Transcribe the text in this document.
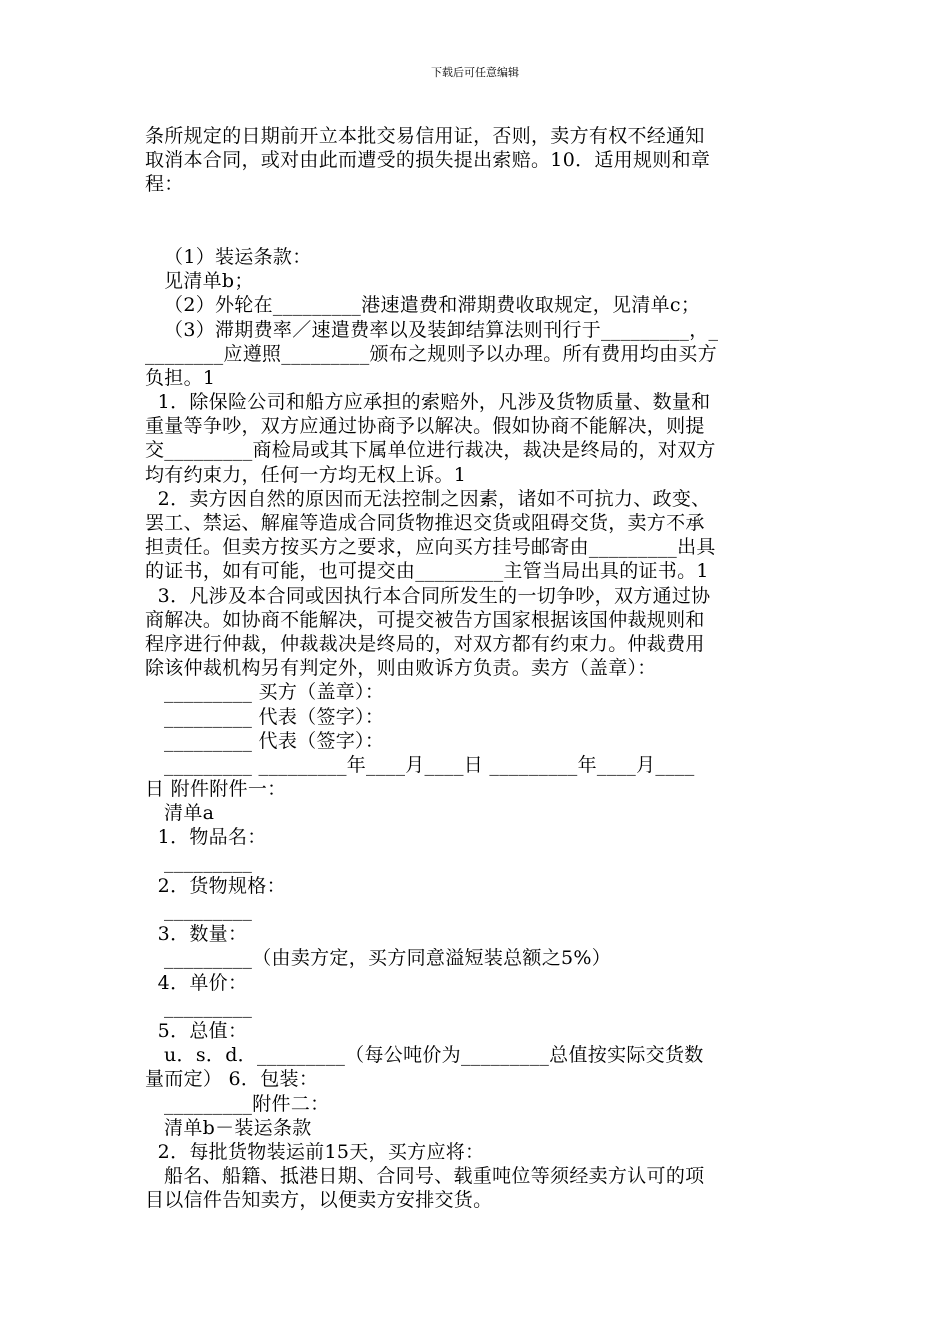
下载后可任意编辑
条所规定的日期前开立本批交易信用证，否则，卖方有权不经通知
取消本合同，或对由此而遭受的损失提出索赔。10．适用规则和章
程：
（1）装运条款：
见清单b；
（2）外轮在_________港速遣费和滞期费收取规定，见清单c；
（3）滞期费率／速遣费率以及装卸结算法则刊行于_________，_
________应遵照_________颁布之规则予以办理。所有费用均由买方
负担。1
1．除保险公司和船方应承担的索赔外，凡涉及货物质量、数量和
重量等争吵，双方应通过协商予以解决。假如协商不能解决，则提
交_________商检局或其下属单位进行裁决，裁决是终局的，对双方
均有约束力，任何一方均无权上诉。1
2．卖方因自然的原因而无法控制之因素，诸如不可抗力、政变、
罢工、禁运、解雇等造成合同货物推迟交货或阻碍交货，卖方不承
担责任。但卖方按买方之要求，应向买方挂号邮寄由_________出具
的证书，如有可能，也可提交由_________主管当局出具的证书。1
3．凡涉及本合同或因执行本合同所发生的一切争吵，双方通过协
商解决。如协商不能解决，可提交被告方国家根据该国仲裁规则和
程序进行仲裁，仲裁裁决是终局的，对双方都有约束力。仲裁费用
除该仲裁机构另有判定外，则由败诉方负责。卖方（盖章）：
_________ 买方（盖章）：
_________ 代表（签字）：
_________ 代表（签字）：
_________ _________年____月____日 _________年____月____
日 附件附件一：
清单a
1．物品名：
_________
2．货物规格：
_________
3．数量：
_________（由卖方定，买方同意溢短装总额之5%）
4．单价：
_________
5．总值：
u．s．d．_________（每公吨价为_________总值按实际交货数
量而定） 6．包装：
_________附件二：
清单b－装运条款
2．每批货物装运前15天，买方应将：
船名、船籍、抵港日期、合同号、载重吨位等须经卖方认可的项
目以信件告知卖方，以便卖方安排交货。
